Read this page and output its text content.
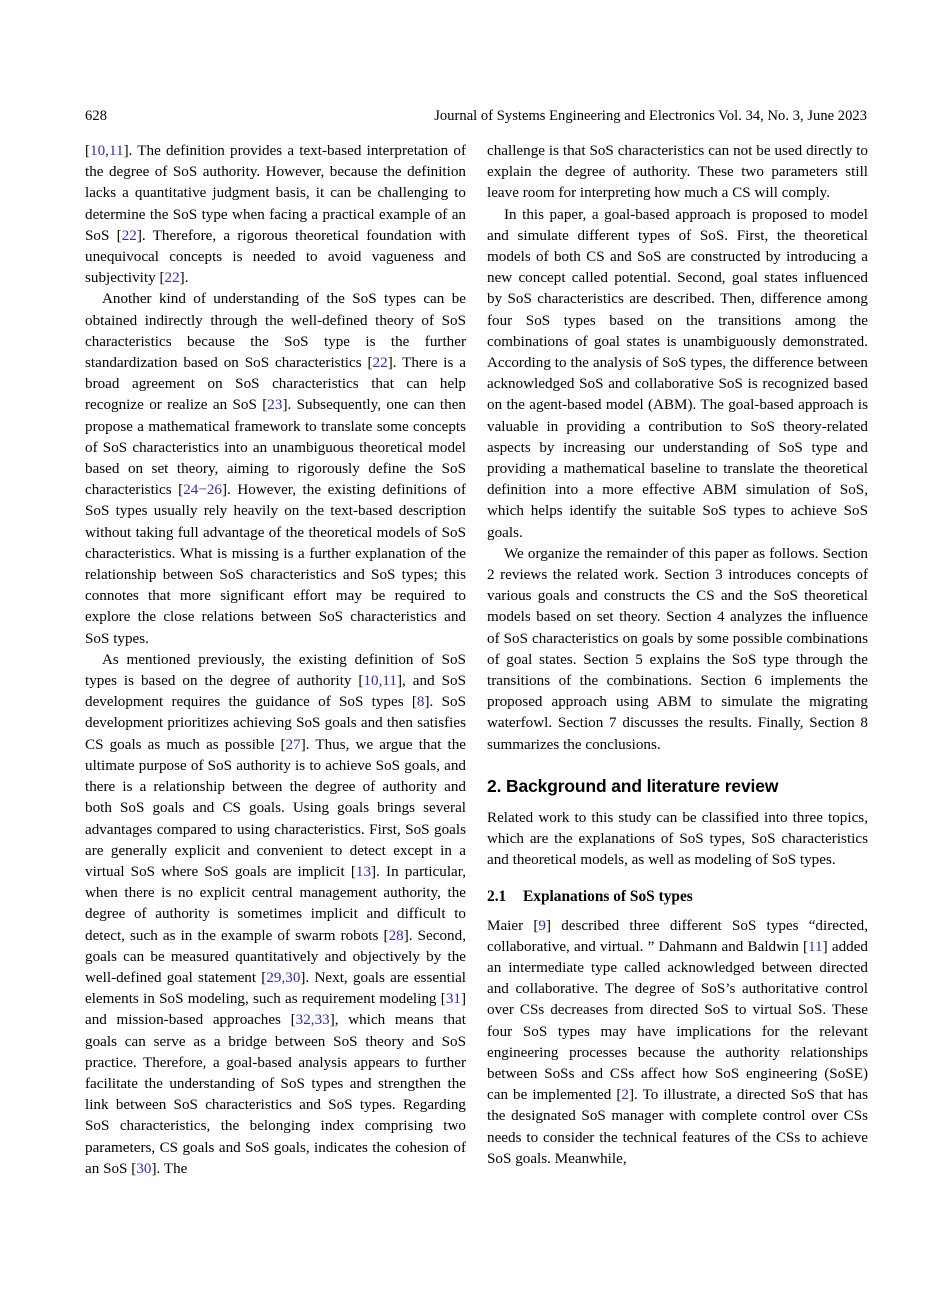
628	Journal of Systems Engineering and Electronics Vol. 34, No. 3, June 2023

[10,11]. The definition provides a text-based interpretation of the degree of SoS authority. However, because the definition lacks a quantitative judgment basis, it can be challenging to determine the SoS type when facing a practical example of an SoS [22]. Therefore, a rigorous theoretical foundation with unequivocal concepts is needed to avoid vagueness and subjectivity [22].

Another kind of understanding of the SoS types can be obtained indirectly through the well-defined theory of SoS characteristics because the SoS type is the further standardization based on SoS characteristics [22]. There is a broad agreement on SoS characteristics that can help recognize or realize an SoS [23]. Subsequently, one can then propose a mathematical framework to translate some concepts of SoS characteristics into an unambiguous theoretical model based on set theory, aiming to rigorously define the SoS characteristics [24−26]. However, the existing definitions of SoS types usually rely heavily on the text-based description without taking full advantage of the theoretical models of SoS characteristics. What is missing is a further explanation of the relationship between SoS characteristics and SoS types; this connotes that more significant effort may be required to explore the close relations between SoS characteristics and SoS types.

As mentioned previously, the existing definition of SoS types is based on the degree of authority [10,11], and SoS development requires the guidance of SoS types [8]. SoS development prioritizes achieving SoS goals and then satisfies CS goals as much as possible [27]. Thus, we argue that the ultimate purpose of SoS authority is to achieve SoS goals, and there is a relationship between the degree of authority and both SoS goals and CS goals. Using goals brings several advantages compared to using characteristics. First, SoS goals are generally explicit and convenient to detect except in a virtual SoS where SoS goals are implicit [13]. In particular, when there is no explicit central management authority, the degree of authority is sometimes implicit and difficult to detect, such as in the example of swarm robots [28]. Second, goals can be measured quantitatively and objectively by the well-defined goal statement [29,30]. Next, goals are essential elements in SoS modeling, such as requirement modeling [31] and mission-based approaches [32,33], which means that goals can serve as a bridge between SoS theory and SoS practice. Therefore, a goal-based analysis appears to further facilitate the understanding of SoS types and strengthen the link between SoS characteristics and SoS types. Regarding SoS characteristics, the belonging index comprising two parameters, CS goals and SoS goals, indicates the cohesion of an SoS [30]. The

challenge is that SoS characteristics can not be used directly to explain the degree of authority. These two parameters still leave room for interpreting how much a CS will comply.

In this paper, a goal-based approach is proposed to model and simulate different types of SoS. First, the theoretical models of both CS and SoS are constructed by introducing a new concept called potential. Second, goal states influenced by SoS characteristics are described. Then, difference among four SoS types based on the transitions among the combinations of goal states is unambiguously demonstrated. According to the analysis of SoS types, the difference between acknowledged SoS and collaborative SoS is recognized based on the agent-based model (ABM). The goal-based approach is valuable in providing a contribution to SoS theory-related aspects by increasing our understanding of SoS type and providing a mathematical baseline to translate the theoretical definition into a more effective ABM simulation of SoS, which helps identify the suitable SoS types to achieve SoS goals.

We organize the remainder of this paper as follows. Section 2 reviews the related work. Section 3 introduces concepts of various goals and constructs the CS and the SoS theoretical models based on set theory. Section 4 analyzes the influence of SoS characteristics on goals by some possible combinations of goal states. Section 5 explains the SoS type through the transitions of the combinations. Section 6 implements the proposed approach using ABM to simulate the migrating waterfowl. Section 7 discusses the results. Finally, Section 8 summarizes the conclusions.

2. Background and literature review

Related work to this study can be classified into three topics, which are the explanations of SoS types, SoS characteristics and theoretical models, as well as modeling of SoS types.

2.1 Explanations of SoS types

Maier [9] described three different SoS types “directed, collaborative, and virtual. ” Dahmann and Baldwin [11] added an intermediate type called acknowledged between directed and collaborative. The degree of SoS’s authoritative control over CSs decreases from directed SoS to virtual SoS. These four SoS types may have implications for the relevant engineering processes because the authority relationships between SoSs and CSs affect how SoS engineering (SoSE) can be implemented [2]. To illustrate, a directed SoS that has the designated SoS manager with complete control over CSs needs to consider the technical features of the CSs to achieve SoS goals. Meanwhile,
